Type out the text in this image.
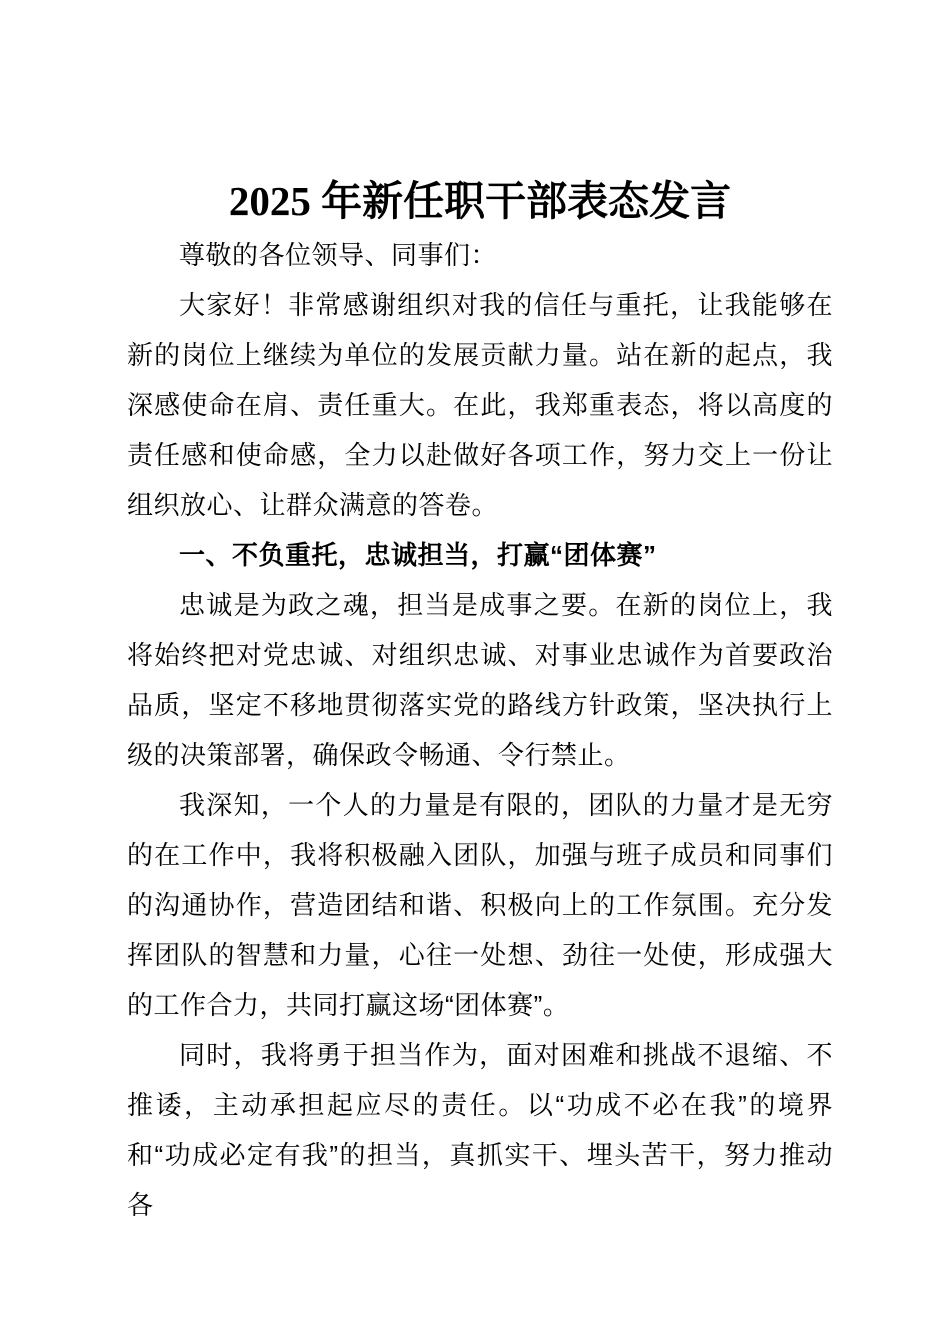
2025 年新任职干部表态发言

尊敬的各位领导、同事们：

大家好！非常感谢组织对我的信任与重托，让我能够在新的岗位上继续为单位的发展贡献力量。站在新的起点，我深感使命在肩、责任重大。在此，我郑重表态，将以高度的责任感和使命感，全力以赴做好各项工作，努力交上一份让组织放心、让群众满意的答卷。

一、不负重托，忠诚担当，打赢“团体赛”

忠诚是为政之魂，担当是成事之要。在新的岗位上，我将始终把对党忠诚、对组织忠诚、对事业忠诚作为首要政治品质，坚定不移地贯彻落实党的路线方针政策，坚决执行上级的决策部署，确保政令畅通、令行禁止。

我深知，一个人的力量是有限的，团队的力量才是无穷的在工作中，我将积极融入团队，加强与班子成员和同事们的沟通协作，营造团结和谐、积极向上的工作氛围。充分发挥团队的智慧和力量，心往一处想、劲往一处使，形成强大的工作合力，共同打赢这场“团体赛”。

同时，我将勇于担当作为，面对困难和挑战不退缩、不推诿，主动承担起应尽的责任。以“功成不必在我”的境界和“功成必定有我”的担当，真抓实干、埋头苦干，努力推动各
